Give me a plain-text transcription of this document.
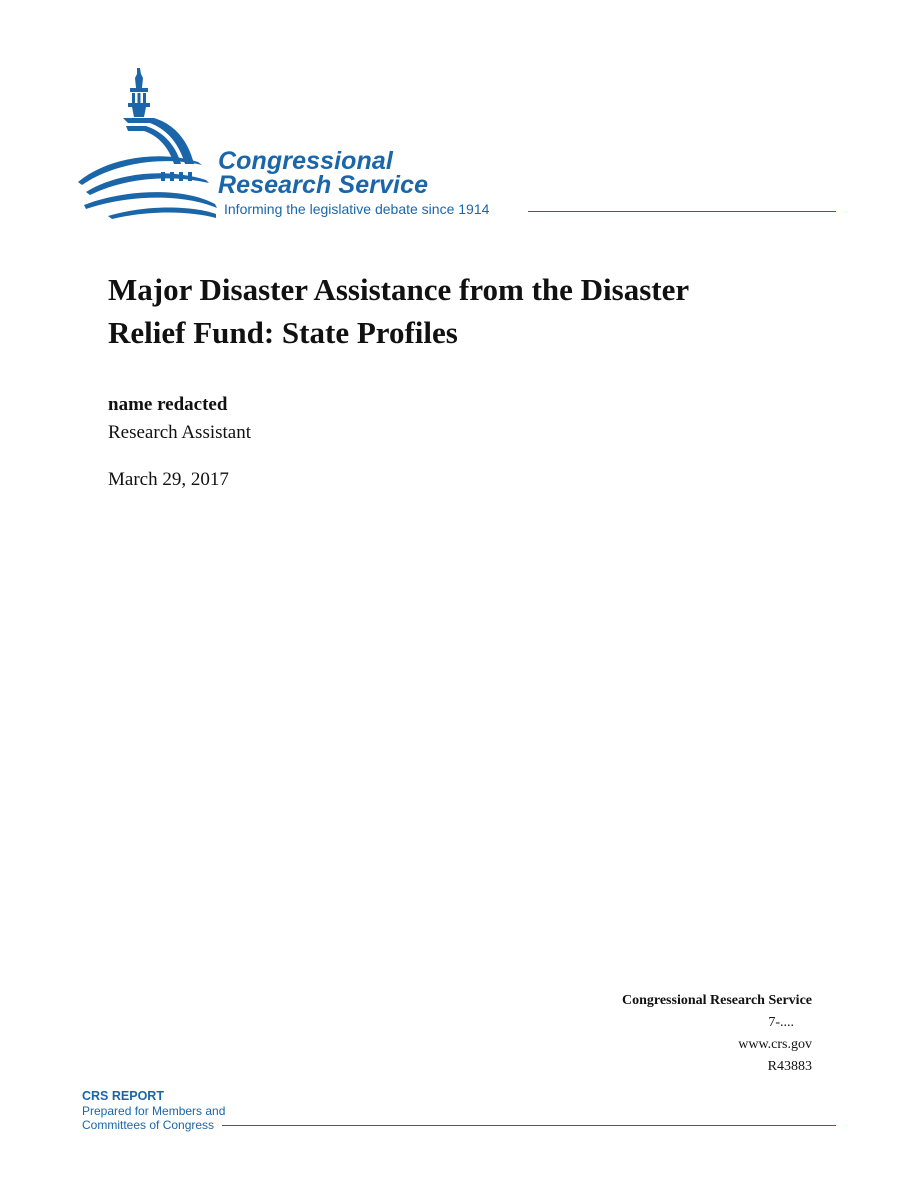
Congressional
Research Service
Informing the legislative debate since 1914
Major Disaster Assistance from the Disaster
Relief Fund: State Profiles
name redacted
Research Assistant
March 29, 2017
Congressional Research Service
7-....
www.crs.gov
R43883
CRS REPORT
Prepared for Members and
Committees of Congress
